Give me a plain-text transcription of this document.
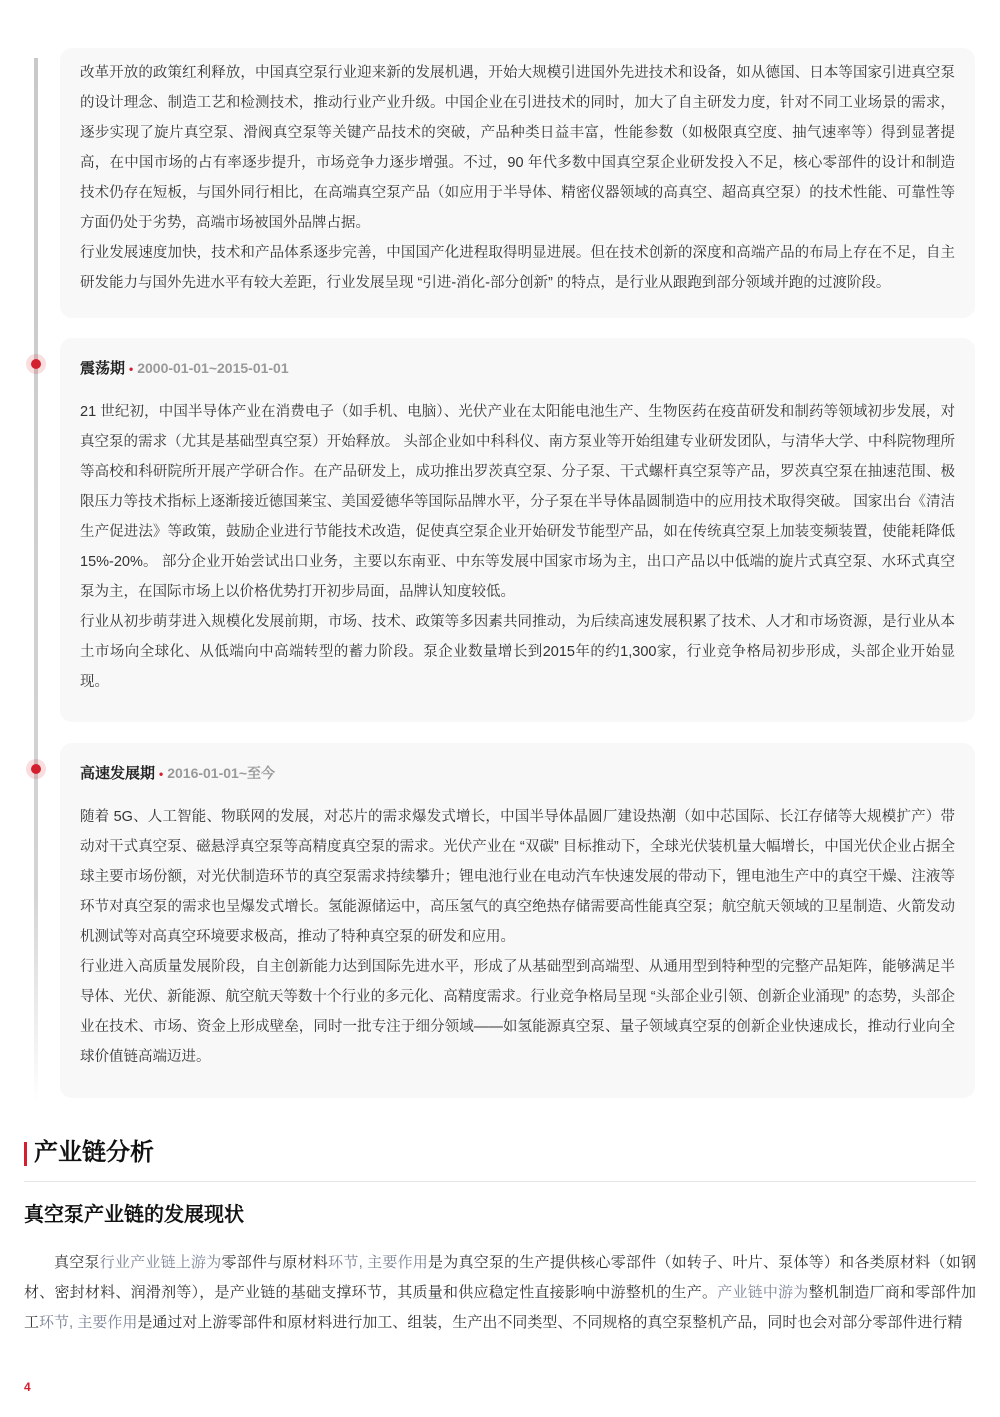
改革开放的政策红利释放，中国真空泵行业迎来新的发展机遇，开始大规模引进国外先进技术和设备，如从德国、日本等国家引进真空泵的设计理念、制造工艺和检测技术，推动行业产业升级。中国企业在引进技术的同时，加大了自主研发力度，针对不同工业场景的需求，逐步实现了旋片真空泵、滑阀真空泵等关键产品技术的突破，产品种类日益丰富，性能参数（如极限真空度、抽气速率等）得到显著提高，在中国市场的占有率逐步提升，市场竞争力逐步增强。不过，90 年代多数中国真空泵企业研发投入不足，核心零部件的设计和制造技术仍存在短板，与国外同行相比，在高端真空泵产品（如应用于半导体、精密仪器领域的高真空、超高真空泵）的技术性能、可靠性等方面仍处于劣势，高端市场被国外品牌占据。

行业发展速度加快，技术和产品体系逐步完善，中国国产化进程取得明显进展。但在技术创新的深度和高端产品的布局上存在不足，自主研发能力与国外先进水平有较大差距，行业发展呈现 “引进-消化-部分创新” 的特点，是行业从跟跑到部分领域并跑的过渡阶段。

震荡期 • 2000-01-01~2015-01-01

21 世纪初，中国半导体产业在消费电子（如手机、电脑）、光伏产业在太阳能电池生产、生物医药在疫苗研发和制药等领域初步发展，对真空泵的需求（尤其是基础型真空泵）开始释放。 头部企业如中科科仪、南方泵业等开始组建专业研发团队，与清华大学、中科院物理所等高校和科研院所开展产学研合作。在产品研发上，成功推出罗茨真空泵、分子泵、干式螺杆真空泵等产品，罗茨真空泵在抽速范围、极限压力等技术指标上逐渐接近德国莱宝、美国爱德华等国际品牌水平，分子泵在半导体晶圆制造中的应用技术取得突破。 国家出台《清洁生产促进法》等政策，鼓励企业进行节能技术改造，促使真空泵企业开始研发节能型产品，如在传统真空泵上加装变频装置，使能耗降低15%-20%。 部分企业开始尝试出口业务，主要以东南亚、中东等发展中国家市场为主，出口产品以中低端的旋片式真空泵、水环式真空泵为主，在国际市场上以价格优势打开初步局面，品牌认知度较低。

行业从初步萌芽进入规模化发展前期，市场、技术、政策等多因素共同推动，为后续高速发展积累了技术、人才和市场资源，是行业从本土市场向全球化、从低端向中高端转型的蓄力阶段。泵企业数量增长到2015年的约1,300家，行业竞争格局初步形成，头部企业开始显现。

高速发展期 • 2016-01-01~至今

随着 5G、人工智能、物联网的发展，对芯片的需求爆发式增长，中国半导体晶圆厂建设热潮（如中芯国际、长江存储等大规模扩产）带动对干式真空泵、磁悬浮真空泵等高精度真空泵的需求。光伏产业在 “双碳” 目标推动下，全球光伏装机量大幅增长，中国光伏企业占据全球主要市场份额，对光伏制造环节的真空泵需求持续攀升；锂电池行业在电动汽车快速发展的带动下，锂电池生产中的真空干燥、注液等环节对真空泵的需求也呈爆发式增长。氢能源储运中，高压氢气的真空绝热存储需要高性能真空泵；航空航天领域的卫星制造、火箭发动机测试等对高真空环境要求极高，推动了特种真空泵的研发和应用。

行业进入高质量发展阶段，自主创新能力达到国际先进水平，形成了从基础型到高端型、从通用型到特种型的完整产品矩阵，能够满足半导体、光伏、新能源、航空航天等数十个行业的多元化、高精度需求。行业竞争格局呈现 “头部企业引领、创新企业涌现” 的态势，头部企业在技术、市场、资金上形成壁垒，同时一批专注于细分领域——如氢能源真空泵、量子领域真空泵的创新企业快速成长，推动行业向全球价值链高端迈进。

产业链分析
真空泵产业链的发展现状

真空泵行业产业链上游为零部件与原材料环节, 主要作用是为真空泵的生产提供核心零部件（如转子、叶片、泵体等）和各类原材料（如钢材、密封材料、润滑剂等），是产业链的基础支撑环节，其质量和供应稳定性直接影响中游整机的生产。产业链中游为整机制造厂商和零部件加工环节, 主要作用是通过对上游零部件和原材料进行加工、组装，生产出不同类型、不同规格的真空泵整机产品，同时也会对部分零部件进行精

4
